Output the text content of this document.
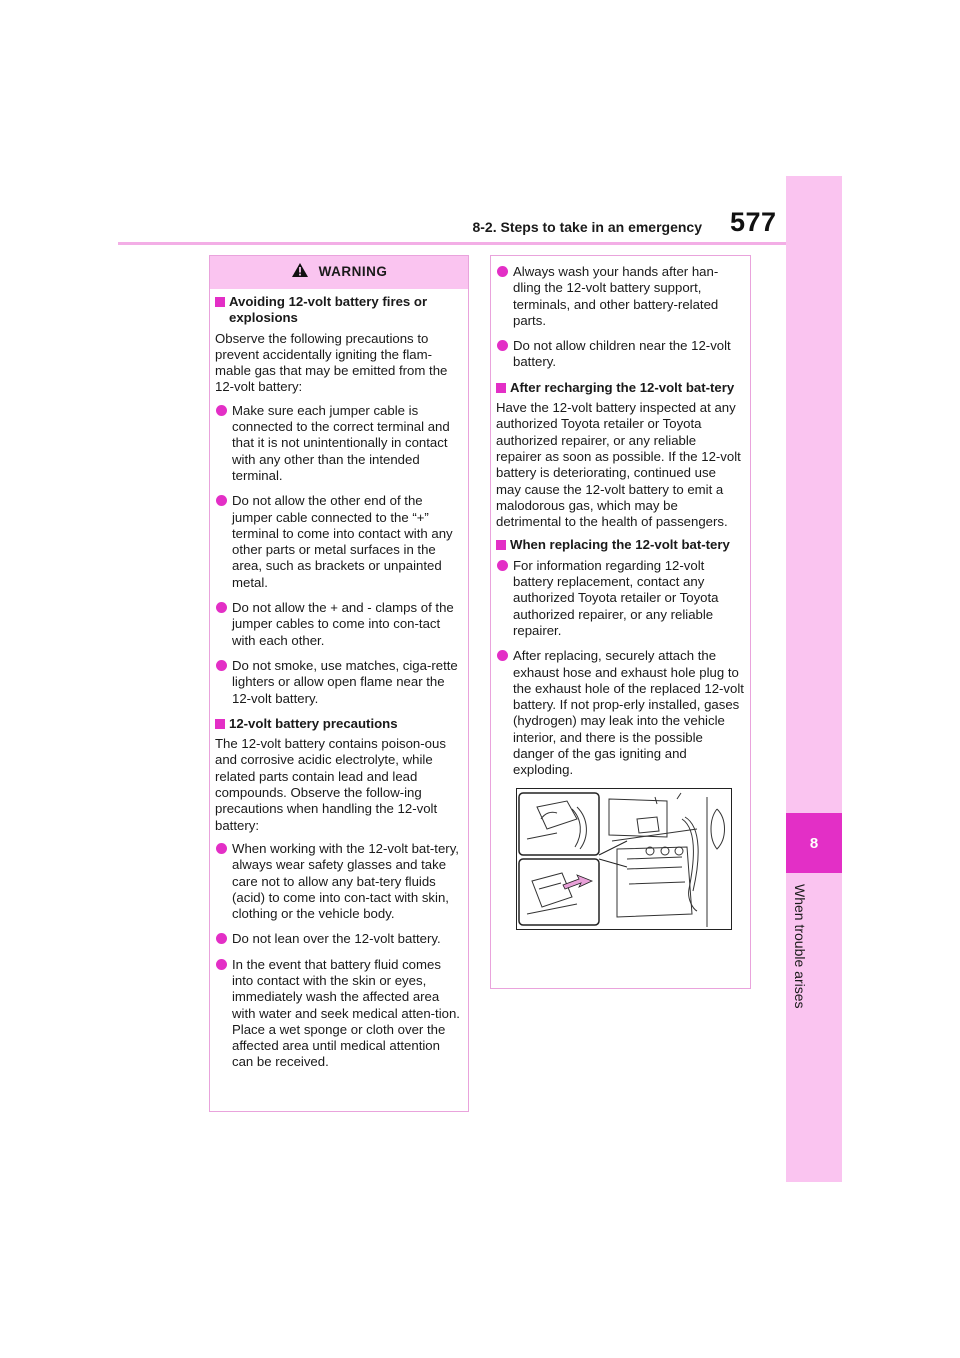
8-2. Steps to take in an emergency 577
8
When trouble arises
WARNING
Avoiding 12-volt battery fires or explosions
Observe the following precautions to prevent accidentally igniting the flam-mable gas that may be emitted from the 12-volt battery:
Make sure each jumper cable is connected to the correct terminal and that it is not unintentionally in contact with any other than the intended terminal.
Do not allow the other end of the jumper cable connected to the “+” terminal to come into contact with any other parts or metal surfaces in the area, such as brackets or unpainted metal.
Do not allow the + and - clamps of the jumper cables to come into con-tact with each other.
Do not smoke, use matches, ciga-rette lighters or allow open flame near the 12-volt battery.
12-volt battery precautions
The 12-volt battery contains poison-ous and corrosive acidic electrolyte, while related parts contain lead and lead compounds. Observe the follow-ing precautions when handling the 12-volt battery:
When working with the 12-volt bat-tery, always wear safety glasses and take care not to allow any bat-tery fluids (acid) to come into con-tact with skin, clothing or the vehicle body.
Do not lean over the 12-volt battery.
In the event that battery fluid comes into contact with the skin or eyes, immediately wash the affected area with water and seek medical atten-tion.
Place a wet sponge or cloth over the affected area until medical attention can be received.
Always wash your hands after han-dling the 12-volt battery support, terminals, and other battery-related parts.
Do not allow children near the 12-volt battery.
After recharging the 12-volt bat-tery
Have the 12-volt battery inspected at any authorized Toyota retailer or Toyota authorized repairer, or any reliable repairer as soon as possible. If the 12-volt battery is deteriorating, continued use may cause the 12-volt battery to emit a malodorous gas, which may be detrimental to the health of passengers.
When replacing the 12-volt bat-tery
For information regarding 12-volt battery replacement, contact any authorized Toyota retailer or Toyota authorized repairer, or any reliable repairer.
After replacing, securely attach the exhaust hose and exhaust hole plug to the exhaust hole of the replaced 12-volt battery. If not prop-erly installed, gases (hydrogen) may leak into the vehicle interior, and there is the possible danger of the gas igniting and exploding.
